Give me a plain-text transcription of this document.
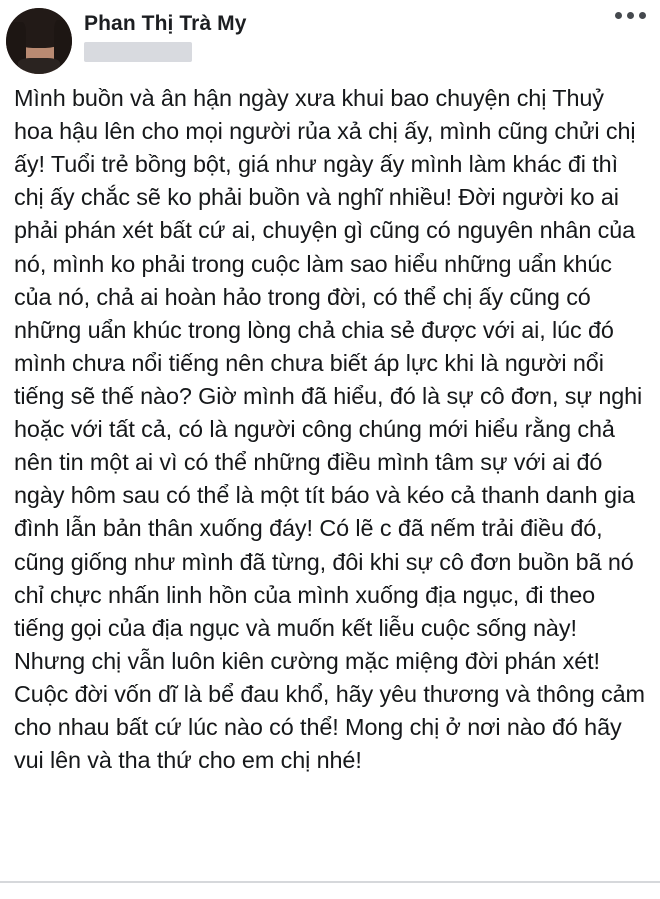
Phan Thị Trà My
Mình buồn và ân hận ngày xưa khui bao chuyện chị Thuỷ hoa hậu lên cho mọi người rủa xả chị ấy, mình cũng chửi chị ấy! Tuổi trẻ bồng bột, giá như ngày ấy mình làm khác đi thì chị ấy chắc sẽ ko phải buồn và nghĩ nhiều! Đời người ko ai phải phán xét bất cứ ai, chuyện gì cũng có nguyên nhân của nó, mình ko phải trong cuộc làm sao hiểu những uẩn khúc của nó, chả ai hoàn hảo trong đời, có thể chị ấy cũng có những uẩn khúc trong lòng chả chia sẻ được với ai, lúc đó mình chưa nổi tiếng nên chưa biết áp lực khi là người nổi tiếng sẽ thế nào? Giờ mình đã hiểu, đó là sự cô đơn, sự nghi hoặc với tất cả, có là người công chúng mới hiểu rằng chả nên tin một ai vì có thể những điều mình tâm sự với ai đó ngày hôm sau có thể là một tít báo và kéo cả thanh danh gia đình lẫn bản thân xuống đáy! Có lẽ c đã nếm trải điều đó, cũng giống như mình đã từng, đôi khi sự cô đơn buồn bã nó chỉ chực nhấn linh hồn của mình xuống địa ngục, đi theo tiếng gọi của địa ngục và muốn kết liễu cuộc sống này! Nhưng chị vẫn luôn kiên cường mặc miệng đời phán xét! Cuộc đời vốn dĩ là bể đau khổ, hãy yêu thương và thông cảm cho nhau bất cứ lúc nào có thể! Mong chị ở nơi nào đó hãy vui lên và tha thứ cho em chị nhé!
